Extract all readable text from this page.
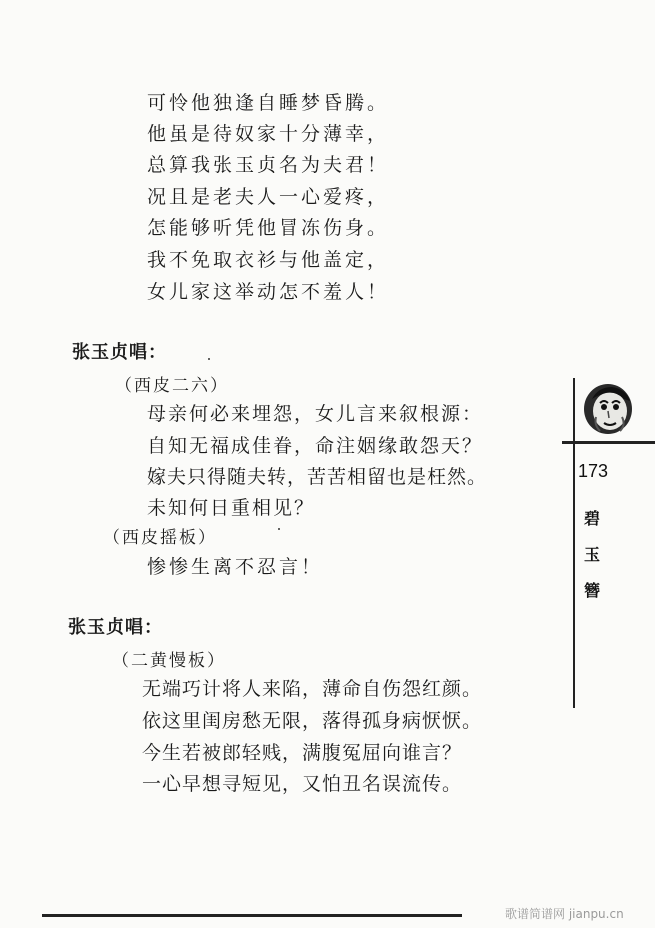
可怜他独逢自睡梦昏腾。
他虽是待奴家十分薄幸，
总算我张玉贞名为夫君！
况且是老夫人一心爱疼，
怎能够听凭他冒冻伤身。
我不免取衣衫与他盖定，
女儿家这举动怎不羞人！
张玉贞唱：
（西皮二六）
母亲何必来埋怨，女儿言来叙根源：
自知无福成佳眷，命注姻缘敢怨天？
嫁夫只得随夫转，苦苦相留也是枉然。
未知何日重相见？
（西皮摇板）
惨惨生离不忍言！
张玉贞唱：
（二黄慢板）
无端巧计将人来陷，薄命自伤怨红颜。
依这里闺房愁无限，落得孤身病恹恹。
今生若被郎轻贱，满腹冤屈向谁言？
一心早想寻短见，又怕丑名误流传。
173
碧
玉
簪
歌谱简谱网 jianpu.cn
